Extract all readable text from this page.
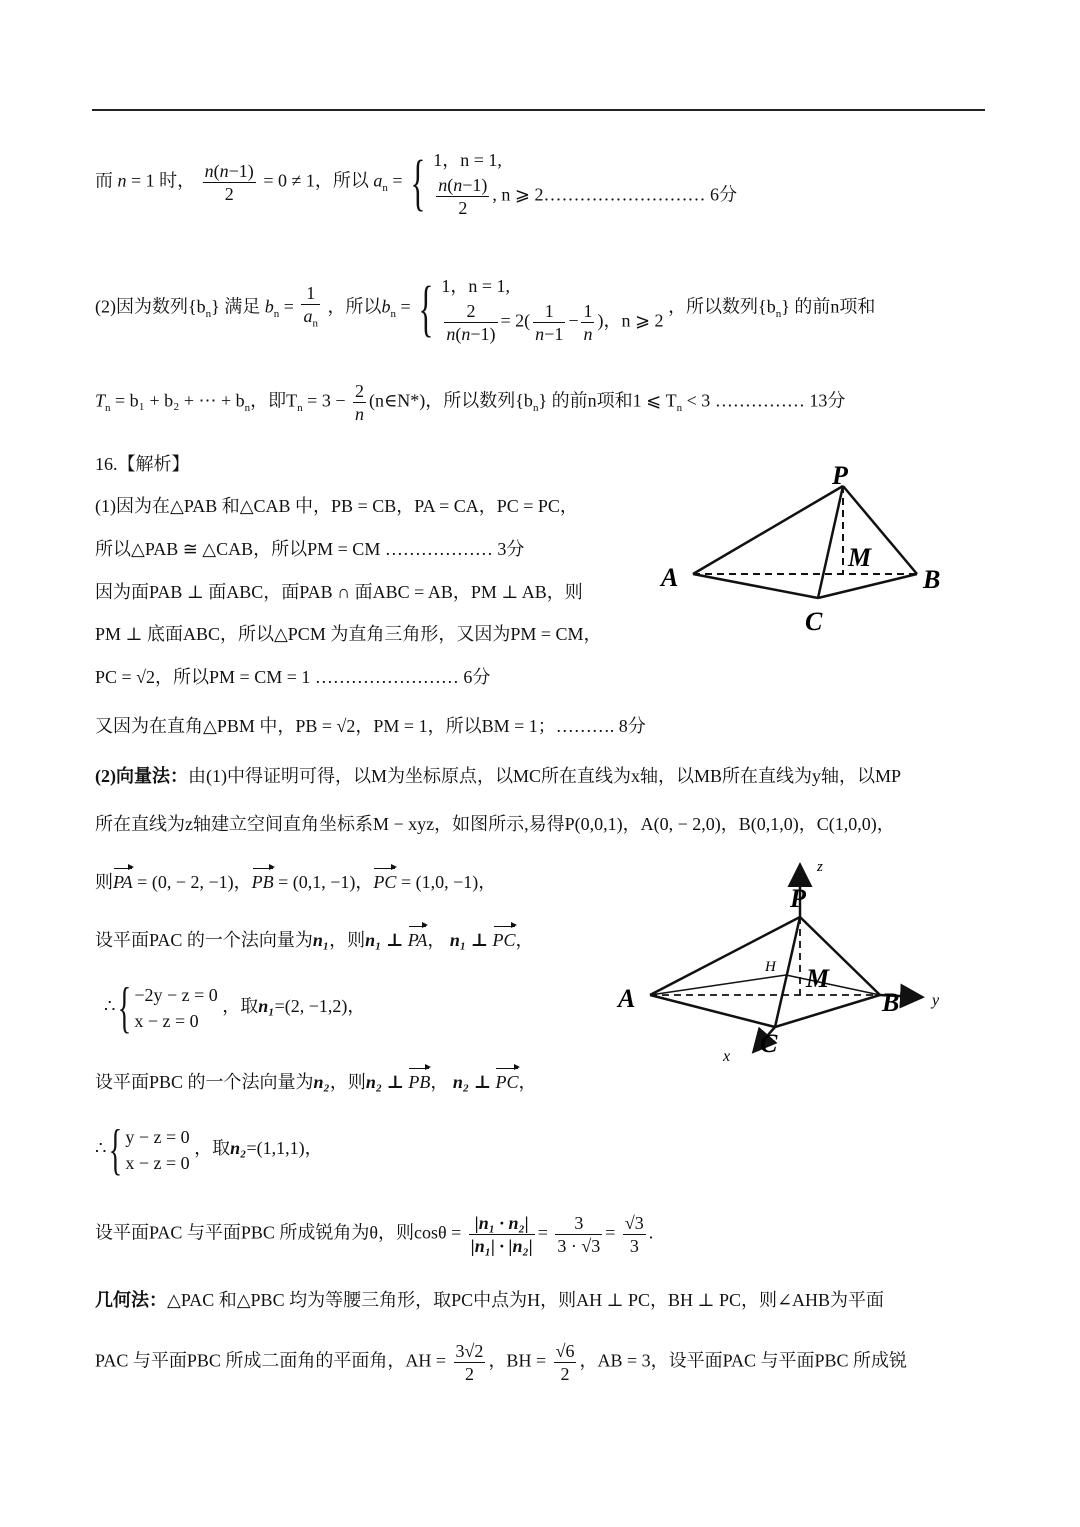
而 n = 1 时， $\frac{n(n-1)}{2} = 0 \ne 1$，所以 $a_n$ = { 1，n = 1,
$\frac{n(n-1)}{2}$ , n ⩾ 2……………………… 6分
(2)因为数列$\{b_n\}$ 满足 $b_n = \frac{1}{a_n}$ ，所以$b_n$ = { 1，n = 1,
$\frac{2}{n(n-1)} = 2( \frac{1}{n-1} - \frac{1}{n}$ )，n ⩾ 2
，所以数列$\{b_n\}$ 的前n项和
$T_n = b_1 + b_2$ + ⋯ + $b_n$，即$T_n = 3 - \frac{2}{n}$ (n∈N*)，所以数列$\{b_n\}$ 的前n项和1 ⩽ $T_n < 3$ …………… 13分
16.【解析】
(1)因为在△PAB 和△CAB 中，PB = CB，PA = CA，PC = PC，
所以△PAB ≅ △CAB，所以PM = CM ……………… 3分
因为面PAB ⊥ 面ABC，面PAB ∩ 面ABC = AB，PM ⊥ AB，则
PM ⊥ 底面ABC，所以△PCM 为直角三角形，又因为PM = CM，
PC = √2，所以PM = CM = 1 …………………… 6分
又因为在直角△PBM 中，PB = √2，PM = 1，所以BM = 1；………. 8分
P
M
A	B
C
(2)向量法：由(1)中得证明可得，以M为坐标原点，以MC所在直线为x轴，以MB所在直线为y轴，以MP
所在直线为z轴建立空间直角坐标系M − xyz，如图所示,易得P(0,0,1)，A(0, − 2,0)，B(0,1,0)，C(1,0,0)，
则PA = (0, − 2, −1)，PB = (0,1, −1)，PC = (1,0, −1)，
设平面PAC 的一个法向量为n₁，则n₁ ⊥ PA， n₁ ⊥ PC，
∴{ −2y − z = 0
x − z = 0
，取n₁=(2, −1,2)，
设平面PBC 的一个法向量为n₂，则n₂ ⊥ PB， n₂ ⊥ PC，
∴{ y − z = 0
x − z = 0
，取n₂=(1,1,1)，
设平面PAC 与平面PBC 所成锐角为θ，则$\cos\theta = \frac{\text{|n₁ · n₂|}}{\text{|n₁| · |n₂|}} = \frac{3}{3 \cdot √3} = \frac{√3}{3}$ .
几何法：△PAC 和△PBC 均为等腰三角形，取PC中点为H，则AH ⊥ PC，BH ⊥ PC，则∠AHB为平面
PAC 与平面PBC 所成二面角的平面角，AH = $\frac{3√2}{2}$ ，BH = $\frac{√6}{2}$ ，AB = 3，设平面PAC 与平面PBC 所成锐
z
P
H M
A	B y
x C
